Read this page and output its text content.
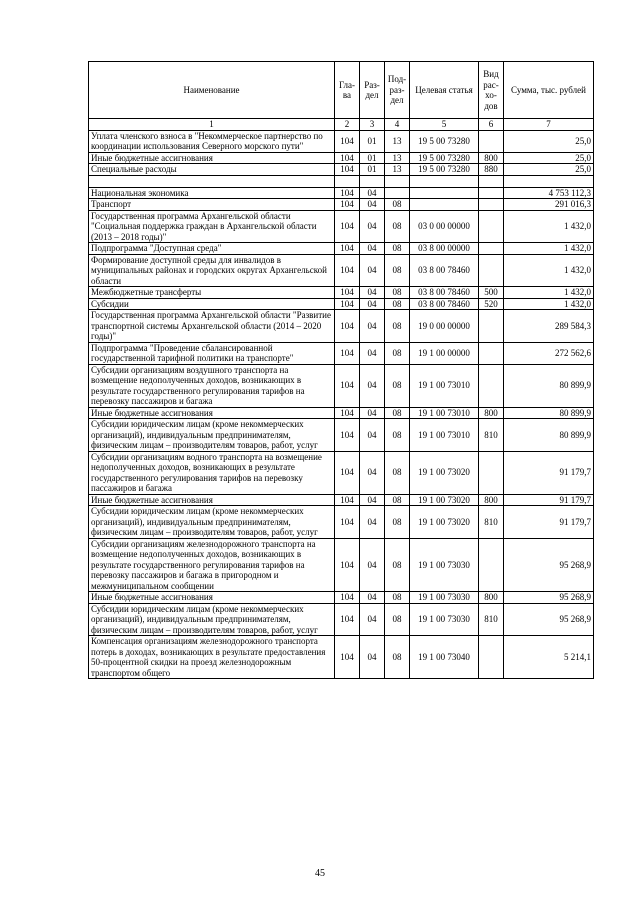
Наименование	Гла-ва	Раз-дел	Под-раз-дел	Целевая статья	Вид рас-хо-дов	Сумма, тыс. рублей
1	2	3	4	5	6	7
Уплата членского взноса в "Некоммерческое партнерство по координации использования Северного морского пути"	104	01	13	19 5 00 73280		25,0
Иные бюджетные ассигнования	104	01	13	19 5 00 73280	800	25,0
Специальные расходы	104	01	13	19 5 00 73280	880	25,0

Национальная экономика	104	04				4 753 112,3
Транспорт	104	04	08			291 016,3
Государственная программа Архангельской области "Социальная поддержка граждан в Архангельской области (2013 – 2018 годы)"	104	04	08	03 0 00 00000		1 432,0
Подпрограмма "Доступная среда"	104	04	08	03 8 00 00000		1 432,0
Формирование доступной среды для инвалидов в муниципальных районах и городских округах Архангельской области	104	04	08	03 8 00 78460		1 432,0
Межбюджетные трансферты	104	04	08	03 8 00 78460	500	1 432,0
Субсидии	104	04	08	03 8 00 78460	520	1 432,0
Государственная программа Архангельской области "Развитие транспортной системы Архангельской области (2014 – 2020 годы)"	104	04	08	19 0 00 00000		289 584,3
Подпрограмма "Проведение сбалансированной государственной тарифной политики на транспорте"	104	04	08	19 1 00 00000		272 562,6
Субсидии организациям воздушного транспорта на возмещение недополученных доходов, возникающих в результате государственного регулирования тарифов на перевозку пассажиров и багажа	104	04	08	19 1 00 73010		80 899,9
Иные бюджетные ассигнования	104	04	08	19 1 00 73010	800	80 899,9
Субсидии юридическим лицам (кроме некоммерческих организаций), индивидуальным предпринимателям, физическим лицам – производителям товаров, работ, услуг	104	04	08	19 1 00 73010	810	80 899,9
Субсидии организациям водного транспорта на возмещение недополученных доходов, возникающих в результате государственного регулирования тарифов на перевозку пассажиров и багажа	104	04	08	19 1 00 73020		91 179,7
Иные бюджетные ассигнования	104	04	08	19 1 00 73020	800	91 179,7
Субсидии юридическим лицам (кроме некоммерческих организаций), индивидуальным предпринимателям, физическим лицам – производителям товаров, работ, услуг	104	04	08	19 1 00 73020	810	91 179,7
Субсидии организациям железнодорожного транспорта на возмещение недополученных доходов, возникающих в результате государственного регулирования тарифов на перевозку пассажиров и багажа в пригородном и межмуниципальном сообщении	104	04	08	19 1 00 73030		95 268,9
Иные бюджетные ассигнования	104	04	08	19 1 00 73030	800	95 268,9
Субсидии юридическим лицам (кроме некоммерческих организаций), индивидуальным предпринимателям, физическим лицам – производителям товаров, работ, услуг	104	04	08	19 1 00 73030	810	95 268,9
Компенсация организациям железнодорожного транспорта потерь в доходах, возникающих в результате предоставления 50-процентной скидки на проезд железнодорожным транспортом общего	104	04	08	19 1 00 73040		5 214,1
45
